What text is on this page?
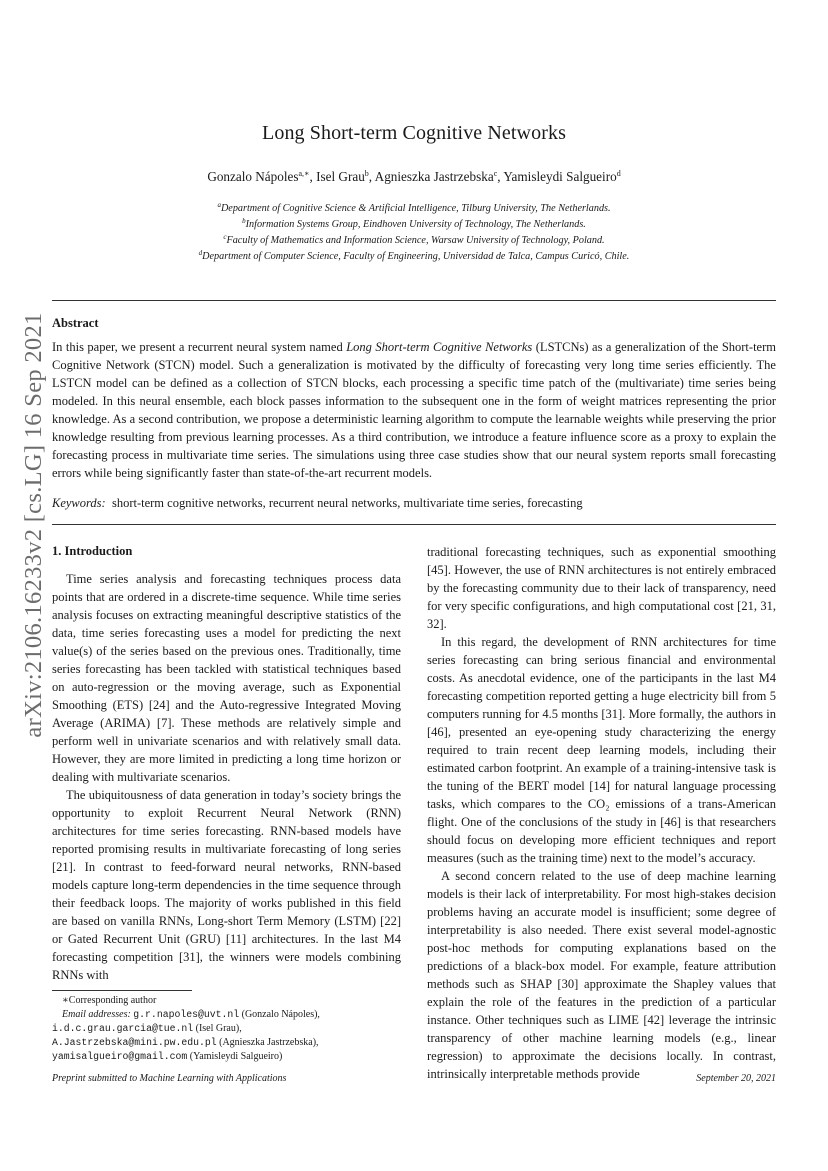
arXiv:2106.16233v2 [cs.LG] 16 Sep 2021
Long Short-term Cognitive Networks
Gonzalo Nápoles$^{a,∗}$, Isel Grau$^b$, Agnieszka Jastrzebska$^c$, Yamisleydi Salgueiro$^d$
$^a$Department of Cognitive Science & Artificial Intelligence, Tilburg University, The Netherlands.
$^b$Information Systems Group, Eindhoven University of Technology, The Netherlands.
$^c$Faculty of Mathematics and Information Science, Warsaw University of Technology, Poland.
$^d$Department of Computer Science, Faculty of Engineering, Universidad de Talca, Campus Curicó, Chile.
Abstract
In this paper, we present a recurrent neural system named Long Short-term Cognitive Networks (LSTCNs) as a generalization of the Short-term Cognitive Network (STCN) model. Such a generalization is motivated by the difficulty of forecasting very long time series efficiently. The LSTCN model can be defined as a collection of STCN blocks, each processing a specific time patch of the (multivariate) time series being modeled. In this neural ensemble, each block passes information to the subsequent one in the form of weight matrices representing the prior knowledge. As a second contribution, we propose a deterministic learning algorithm to compute the learnable weights while preserving the prior knowledge resulting from previous learning processes. As a third contribution, we introduce a feature influence score as a proxy to explain the forecasting process in multivariate time series. The simulations using three case studies show that our neural system reports small forecasting errors while being significantly faster than state-of-the-art recurrent models.
Keywords: short-term cognitive networks, recurrent neural networks, multivariate time series, forecasting
1. Introduction

Time series analysis and forecasting techniques process data points that are ordered in a discrete-time sequence. While time series analysis focuses on extracting meaningful descriptive statistics of the data, time series forecasting uses a model for predicting the next value(s) of the series based on the previous ones. Traditionally, time series forecasting has been tackled with statistical techniques based on auto-regression or the moving average, such as Exponential Smoothing (ETS) [24] and the Auto-regressive Integrated Moving Average (ARIMA) [7]. These methods are relatively simple and perform well in univariate scenarios and with relatively small data. However, they are more limited in predicting a long time horizon or dealing with multivariate scenarios.

The ubiquitousness of data generation in today’s society brings the opportunity to exploit Recurrent Neural Network (RNN) architectures for time series forecasting. RNN-based models have reported promising results in multivariate forecasting of long series [21]. In contrast to feed-forward neural networks, RNN-based models capture long-term dependencies in the time sequence through their feedback loops. The majority of works published in this field are based on vanilla RNNs, Long-short Term Memory (LSTM) [22] or Gated Recurrent Unit (GRU) [11] architectures. In the last M4 forecasting competition [31], the winners were models combining RNNs with

traditional forecasting techniques, such as exponential smoothing [45]. However, the use of RNN architectures is not entirely embraced by the forecasting community due to their lack of transparency, need for very specific configurations, and high computational cost [21, 31, 32].

In this regard, the development of RNN architectures for time series forecasting can bring serious financial and environmental costs. As anecdotal evidence, one of the participants in the last M4 forecasting competition reported getting a huge electricity bill from 5 computers running for 4.5 months [31]. More formally, the authors in [46], presented an eye-opening study characterizing the energy required to train recent deep learning models, including their estimated carbon footprint. An example of a training-intensive task is the tuning of the BERT model [14] for natural language processing tasks, which compares to the CO₂ emissions of a trans-American flight. One of the conclusions of the study in [46] is that researchers should focus on developing more efficient techniques and report measures (such as the training time) next to the model’s accuracy.

A second concern related to the use of deep machine learning models is their lack of interpretability. For most high-stakes decision problems having an accurate model is insufficient; some degree of interpretability is also needed. There exist several model-agnostic post-hoc methods for computing explanations based on the predictions of a black-box model. For example, feature attribution methods such as SHAP [30] approximate the Shapley values that explain the role of the features in the prediction of a particular instance. Other techniques such as LIME [42] leverage the intrinsic transparency of other machine learning models (e.g., linear regression) to approximate the decisions locally. In contrast, intrinsically interpretable methods provide

∗Corresponding author
Email addresses: g.r.napoles@uvt.nl (Gonzalo Nápoles),
i.d.c.grau.garcia@tue.nl (Isel Grau),
A.Jastrzebska@mini.pw.edu.pl (Agnieszka Jastrzebska),
yamisalgueiro@gmail.com (Yamisleydi Salgueiro)
Preprint submitted to Machine Learning with Applications	September 20, 2021
